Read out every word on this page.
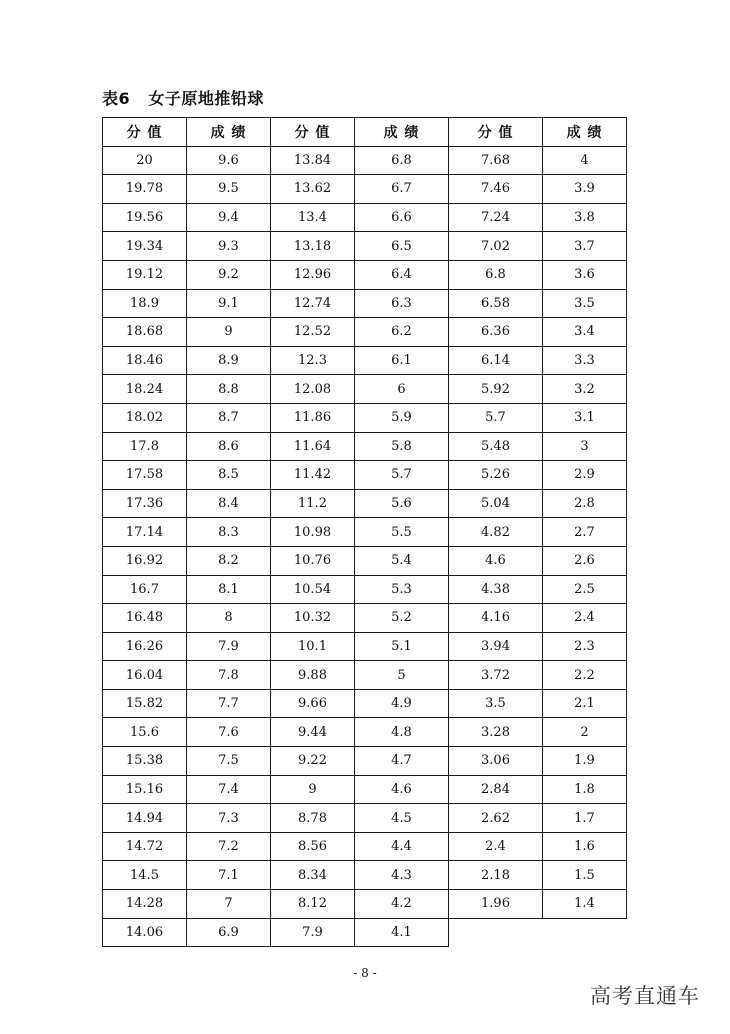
表6   女子原地推铅球
分 值	成 绩	分 值	成 绩	分 值	成 绩
20	9.6	13.84	6.8	7.68	4
19.78	9.5	13.62	6.7	7.46	3.9
19.56	9.4	13.4	6.6	7.24	3.8
19.34	9.3	13.18	6.5	7.02	3.7
19.12	9.2	12.96	6.4	6.8	3.6
18.9	9.1	12.74	6.3	6.58	3.5
18.68	9	12.52	6.2	6.36	3.4
18.46	8.9	12.3	6.1	6.14	3.3
18.24	8.8	12.08	6	5.92	3.2
18.02	8.7	11.86	5.9	5.7	3.1
17.8	8.6	11.64	5.8	5.48	3
17.58	8.5	11.42	5.7	5.26	2.9
17.36	8.4	11.2	5.6	5.04	2.8
17.14	8.3	10.98	5.5	4.82	2.7
16.92	8.2	10.76	5.4	4.6	2.6
16.7	8.1	10.54	5.3	4.38	2.5
16.48	8	10.32	5.2	4.16	2.4
16.26	7.9	10.1	5.1	3.94	2.3
16.04	7.8	9.88	5	3.72	2.2
15.82	7.7	9.66	4.9	3.5	2.1
15.6	7.6	9.44	4.8	3.28	2
15.38	7.5	9.22	4.7	3.06	1.9
15.16	7.4	9	4.6	2.84	1.8
14.94	7.3	8.78	4.5	2.62	1.7
14.72	7.2	8.56	4.4	2.4	1.6
14.5	7.1	8.34	4.3	2.18	1.5
14.28	7	8.12	4.2	1.96	1.4
14.06	6.9	7.9	4.1		
- 8 -
高考直通车
